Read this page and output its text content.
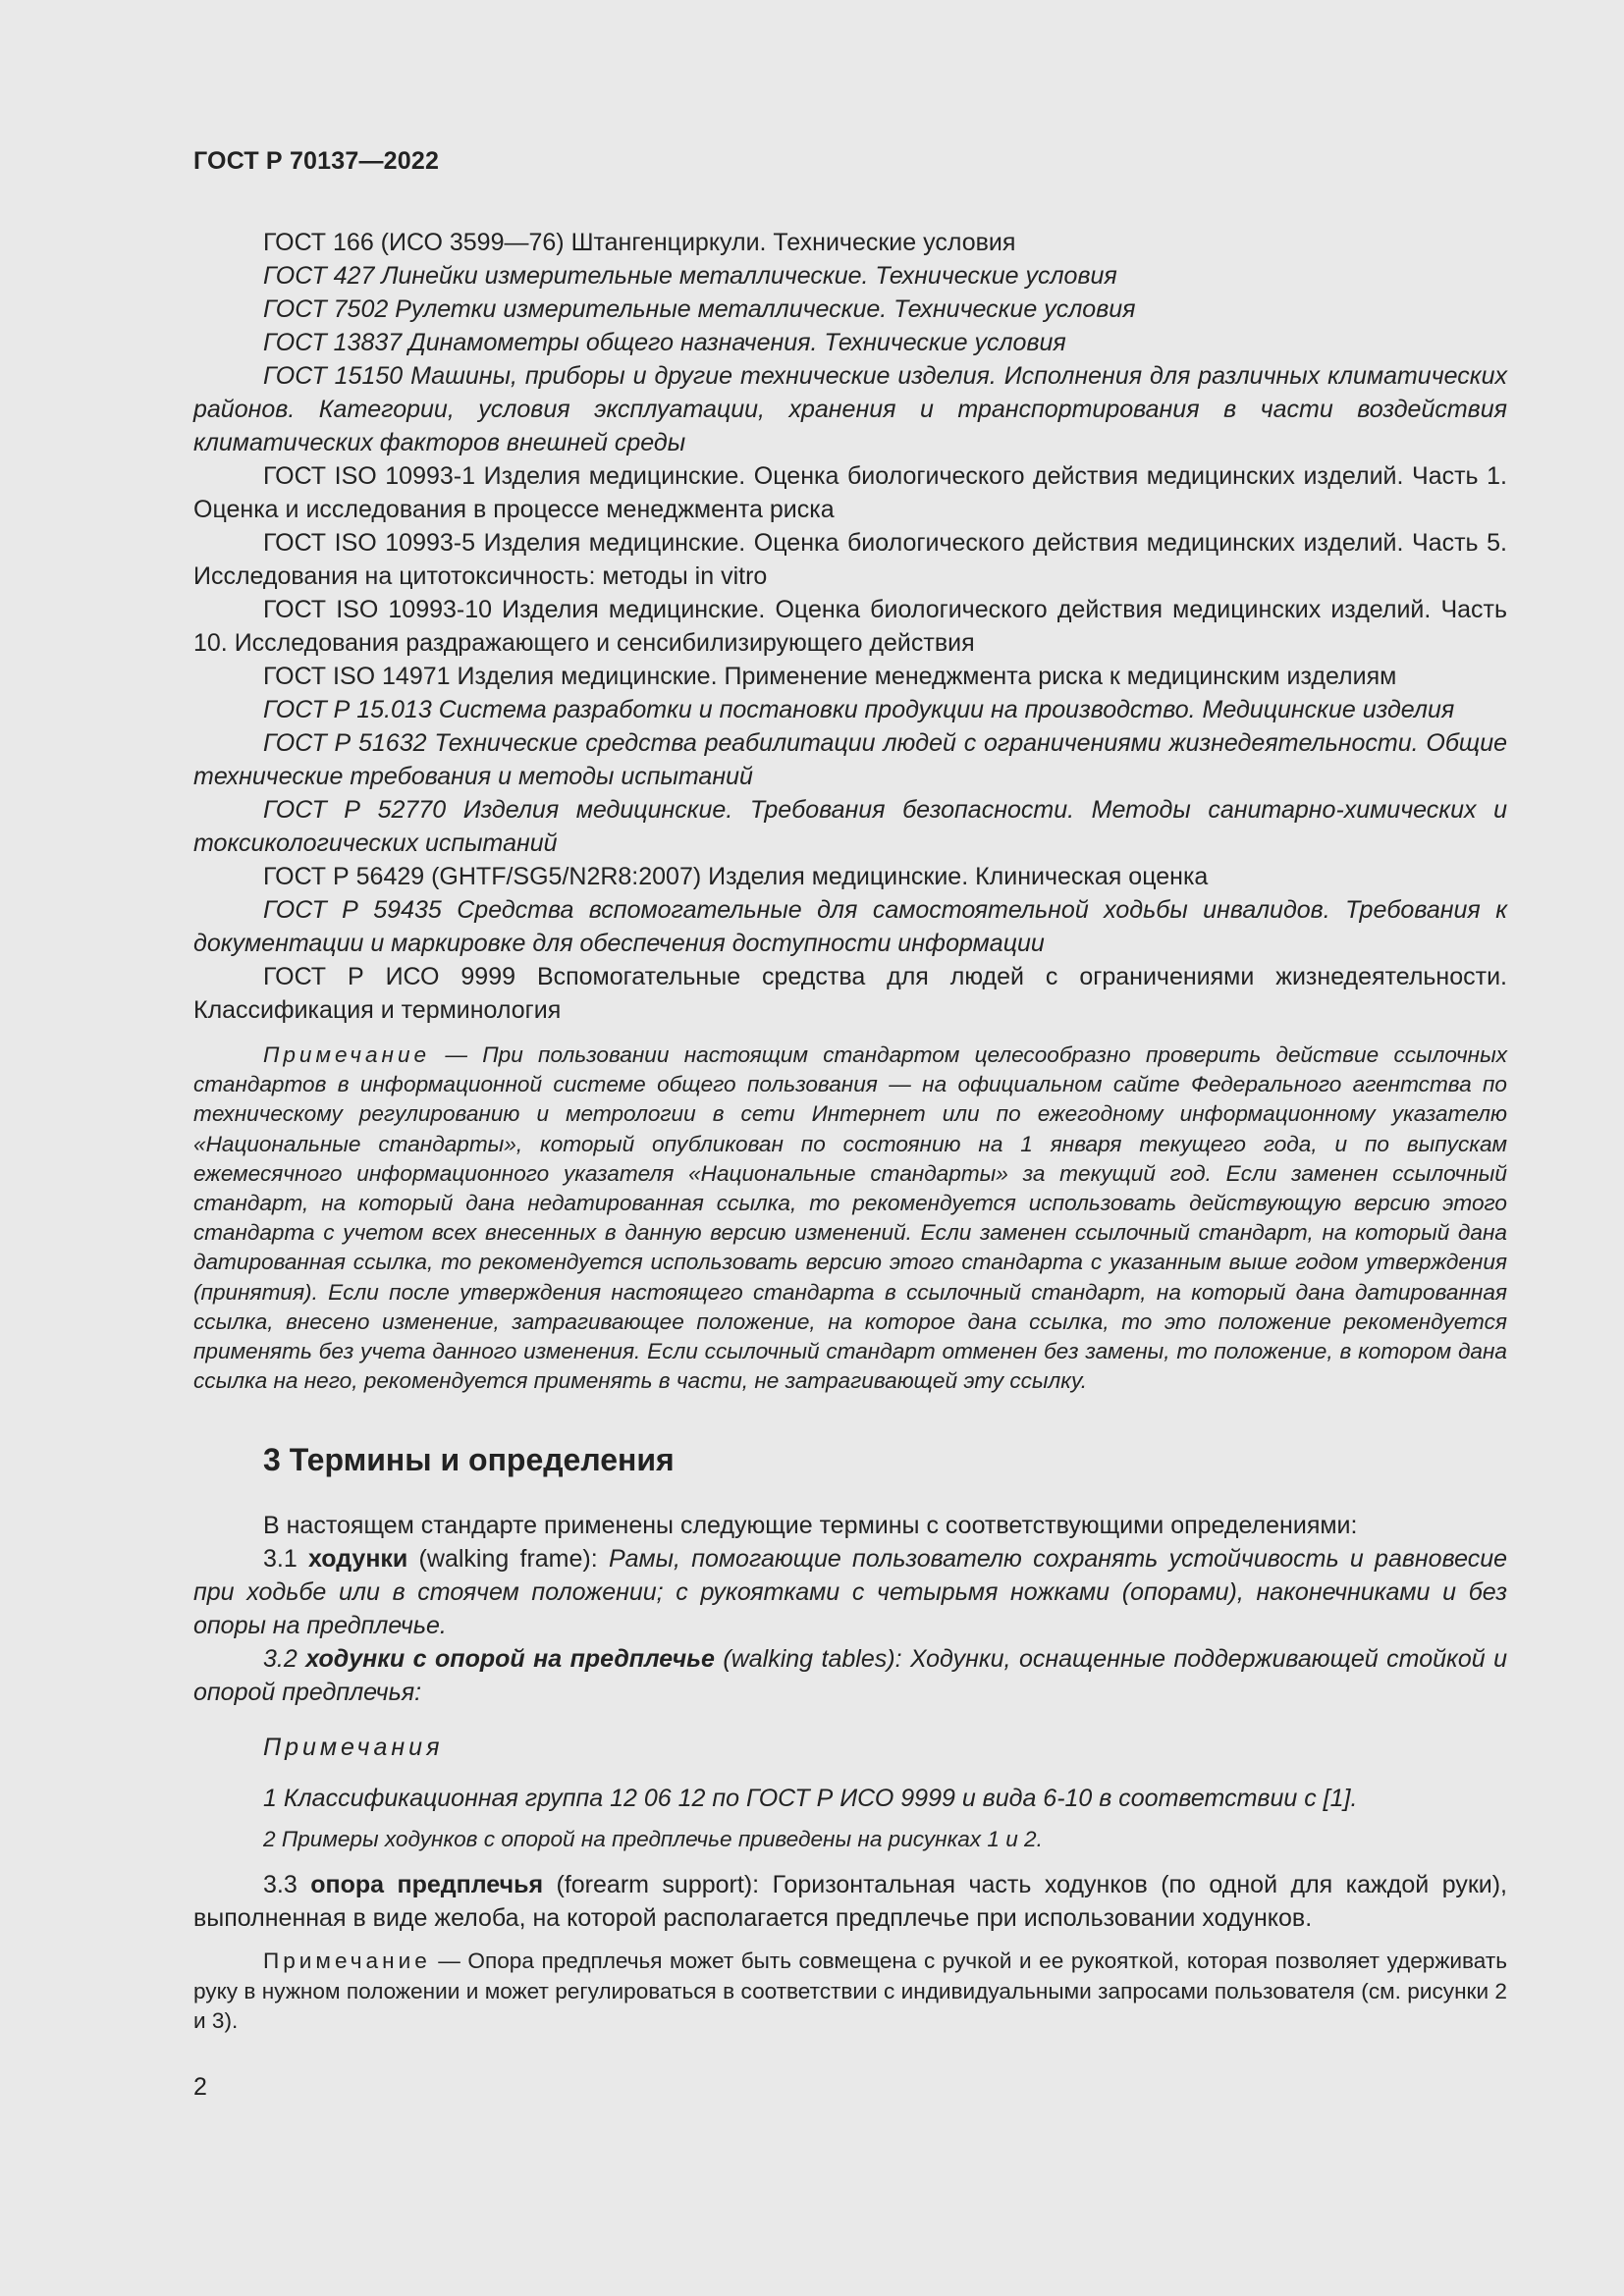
ГОСТ Р 70137—2022

ГОСТ 166 (ИСО 3599—76) Штангенциркули. Технические условия

ГОСТ 427 Линейки измерительные металлические. Технические условия

ГОСТ 7502 Рулетки измерительные металлические. Технические условия

ГОСТ 13837 Динамометры общего назначения. Технические условия

ГОСТ 15150 Машины, приборы и другие технические изделия. Исполнения для различных климатических районов. Категории, условия эксплуатации, хранения и транспортирования в части воздействия климатических факторов внешней среды

ГОСТ ISO 10993-1 Изделия медицинские. Оценка биологического действия медицинских изделий. Часть 1. Оценка и исследования в процессе менеджмента риска

ГОСТ ISO 10993-5 Изделия медицинские. Оценка биологического действия медицинских изделий. Часть 5. Исследования на цитотоксичность: методы in vitro

ГОСТ ISO 10993-10 Изделия медицинские. Оценка биологического действия медицинских изделий. Часть 10. Исследования раздражающего и сенсибилизирующего действия

ГОСТ ISO 14971 Изделия медицинские. Применение менеджмента риска к медицинским изделиям

ГОСТ Р 15.013 Система разработки и постановки продукции на производство. Медицинские изделия

ГОСТ Р 51632 Технические средства реабилитации людей с ограничениями жизнедеятельности. Общие технические требования и методы испытаний

ГОСТ Р 52770 Изделия медицинские. Требования безопасности. Методы санитарно-химических и токсикологических испытаний

ГОСТ Р 56429 (GHTF/SG5/N2R8:2007) Изделия медицинские. Клиническая оценка

ГОСТ Р 59435 Средства вспомогательные для самостоятельной ходьбы инвалидов. Требования к документации и маркировке для обеспечения доступности информации

ГОСТ Р ИСО 9999 Вспомогательные средства для людей с ограничениями жизнедеятельности. Классификация и терминология

Примечание — При пользовании настоящим стандартом целесообразно проверить действие ссылочных стандартов в информационной системе общего пользования — на официальном сайте Федерального агентства по техническому регулированию и метрологии в сети Интернет или по ежегодному информационному указателю «Национальные стандарты», который опубликован по состоянию на 1 января текущего года, и по выпускам ежемесячного информационного указателя «Национальные стандарты» за текущий год. Если заменен ссылочный стандарт, на который дана недатированная ссылка, то рекомендуется использовать действующую версию этого стандарта с учетом всех внесенных в данную версию изменений. Если заменен ссылочный стандарт, на который дана датированная ссылка, то рекомендуется использовать версию этого стандарта с указанным выше годом утверждения (принятия). Если после утверждения настоящего стандарта в ссылочный стандарт, на который дана датированная ссылка, внесено изменение, затрагивающее положение, на которое дана ссылка, то это положение рекомендуется применять без учета данного изменения. Если ссылочный стандарт отменен без замены, то положение, в котором дана ссылка на него, рекомендуется применять в части, не затрагивающей эту ссылку.

3 Термины и определения

В настоящем стандарте применены следующие термины с соответствующими определениями:

3.1 ходунки (walking frame): Рамы, помогающие пользователю сохранять устойчивость и равновесие при ходьбе или в стоячем положении; с рукоятками с четырьмя ножками (опорами), наконечниками и без опоры на предплечье.

3.2 ходунки с опорой на предплечье (walking tables): Ходунки, оснащенные поддерживающей стойкой и опорой предплечья:

Примечания
1 Классификационная группа 12 06 12 по ГОСТ Р ИСО 9999 и вида 6-10 в соответствии с [1].
2 Примеры ходунков с опорой на предплечье приведены на рисунках 1 и 2.

3.3 опора предплечья (forearm support): Горизонтальная часть ходунков (по одной для каждой руки), выполненная в виде желоба, на которой располагается предплечье при использовании ходунков.

Примечание — Опора предплечья может быть совмещена с ручкой и ее рукояткой, которая позволяет удерживать руку в нужном положении и может регулироваться в соответствии с индивидуальными запросами пользователя (см. рисунки 2 и 3).

2
